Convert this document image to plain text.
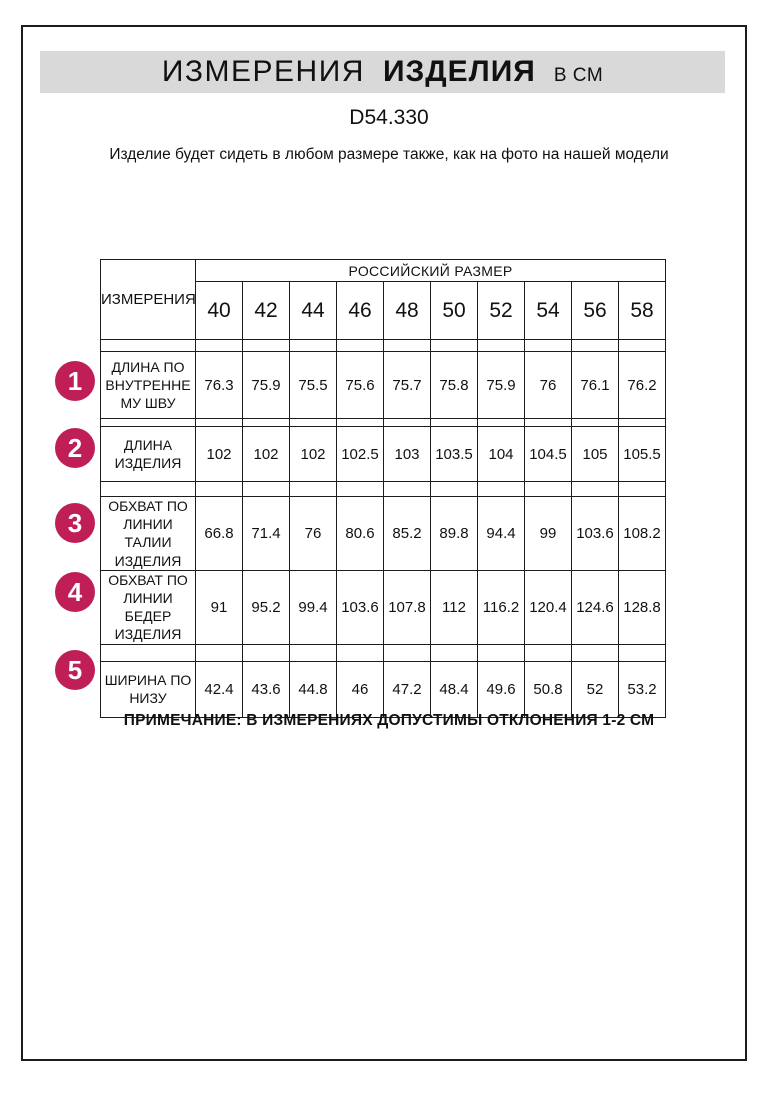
ИЗМЕРЕНИЯ ИЗДЕЛИЯ В СМ
D54.330
Изделие будет сидеть в любом размере также, как на фото на нашей модели
ИЗМЕРЕНИЯ	РОССИЙСКИЙ РАЗМЕР									
	40	42	44	46	48	50	52	54	56	58

ДЛИНА ПО ВНУТРЕННЕ МУ ШВУ	76.3	75.9	75.5	75.6	75.7	75.8	75.9	76	76.1	76.2

ДЛИНА ИЗДЕЛИЯ	102	102	102	102.5	103	103.5	104	104.5	105	105.5

ОБХВАТ ПО ЛИНИИ ТАЛИИ ИЗДЕЛИЯ	66.8	71.4	76	80.6	85.2	89.8	94.4	99	103.6	108.2
ОБХВАТ ПО ЛИНИИ БЕДЕР ИЗДЕЛИЯ	91	95.2	99.4	103.6	107.8	112	116.2	120.4	124.6	128.8

ШИРИНА ПО НИЗУ	42.4	43.6	44.8	46	47.2	48.4	49.6	50.8	52	53.2
1
2
3
4
5
ПРИМЕЧАНИЕ: В ИЗМЕРЕНИЯХ ДОПУСТИМЫ ОТКЛОНЕНИЯ 1-2 СМ
